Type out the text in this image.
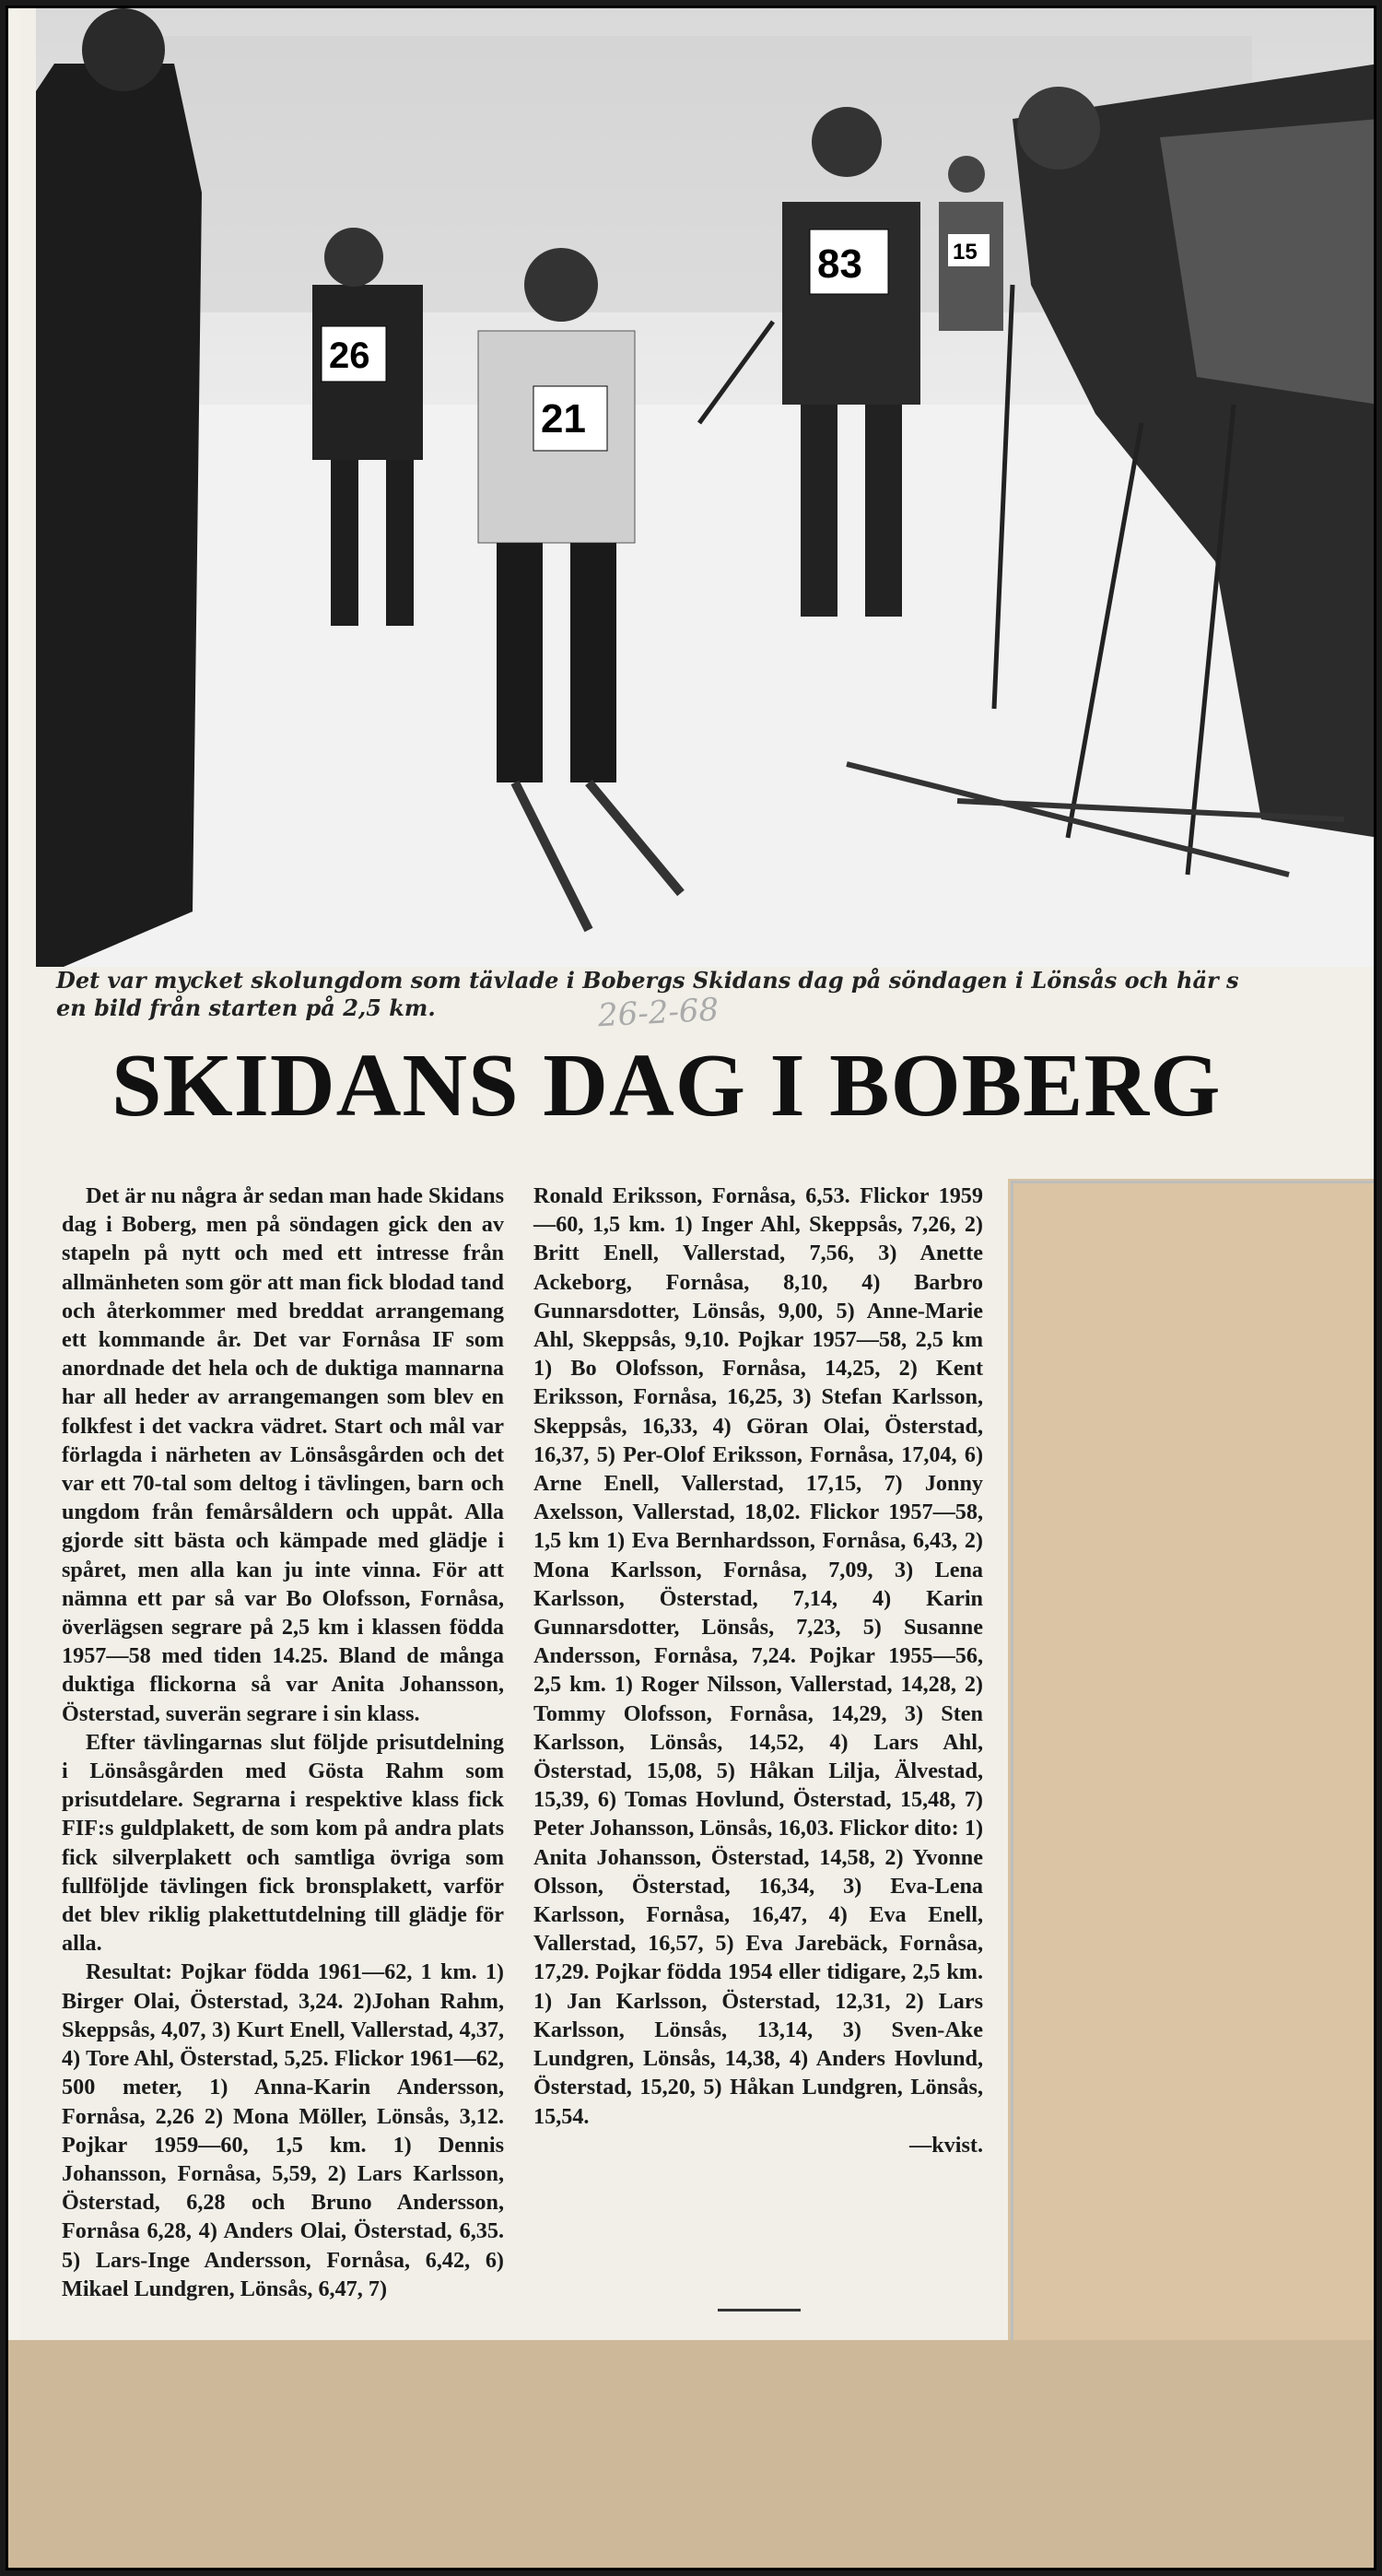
26
21
83	15
Det var mycket skolungdom som tävlade i Bobergs Skidans dag på söndagen i Lönsås och här s
en bild från starten på 2,5 km.	26-2-68
SKIDANS DAG I BOBERG

Det är nu några år sedan man hade Skidans dag i Boberg, men på söndagen gick den av stapeln på nytt och med ett intresse från allmänheten som gör att man fick blodad tand och återkommer med breddat arrangemang ett kommande år. Det var Fornåsa IF som anordnade det hela och de duktiga mannarna har all heder av arrangemangen som blev en folkfest i det vackra vädret. Start och mål var förlagda i närheten av Lönsåsgården och det var ett 70-tal som deltog i tävlingen, barn och ungdom från femårsåldern och uppåt. Alla gjorde sitt bästa och kämpade med glädje i spåret, men alla kan ju inte vinna. För att nämna ett par så var Bo Olofsson, Fornåsa, överlägsen segrare på 2,5 km i klassen födda 1957—58 med tiden 14.25. Bland de många duktiga flickorna så var Anita Johansson, Österstad, suverän segrare i sin klass.

Efter tävlingarnas slut följde prisutdelning i Lönsåsgården med Gösta Rahm som prisutdelare. Segrarna i respektive klass fick FIF:s guldplakett, de som kom på andra plats fick silverplakett och samtliga övriga som fullföljde tävlingen fick bronsplakett, varför det blev riklig plakettutdelning till glädje för alla.

Resultat: Pojkar födda 1961—62, 1 km. 1) Birger Olai, Österstad, 3,24. 2)Johan Rahm, Skeppsås, 4,07, 3) Kurt Enell, Vallerstad, 4,37, 4) Tore Ahl, Österstad, 5,25. Flickor 1961—62, 500 meter, 1) Anna-Karin Andersson, Fornåsa, 2,26 2) Mona Möller, Lönsås, 3,12. Pojkar 1959—60, 1,5 km. 1) Dennis Johansson, Fornåsa, 5,59, 2) Lars Karlsson, Österstad, 6,28 och Bruno Andersson, Fornåsa 6,28, 4) Anders Olai, Österstad, 6,35. 5) Lars-Inge Andersson, Fornåsa, 6,42, 6) Mikael Lundgren, Lönsås, 6,47, 7)

Ronald Eriksson, Fornåsa, 6,53. Flickor 1959—60, 1,5 km. 1) Inger Ahl, Skeppsås, 7,26, 2) Britt Enell, Vallerstad, 7,56, 3) Anette Ackeborg, Fornåsa, 8,10, 4) Barbro Gunnarsdotter, Lönsås, 9,00, 5) Anne-Marie Ahl, Skeppsås, 9,10. Pojkar 1957—58, 2,5 km 1) Bo Olofsson, Fornåsa, 14,25, 2) Kent Eriksson, Fornåsa, 16,25, 3) Stefan Karlsson, Skeppsås, 16,33, 4) Göran Olai, Österstad, 16,37, 5) Per-Olof Eriksson, Fornåsa, 17,04, 6) Arne Enell, Vallerstad, 17,15, 7) Jonny Axelsson, Vallerstad, 18,02. Flickor 1957—58, 1,5 km 1) Eva Bernhardsson, Fornåsa, 6,43, 2) Mona Karlsson, Fornåsa, 7,09, 3) Lena Karlsson, Österstad, 7,14, 4) Karin Gunnarsdotter, Lönsås, 7,23, 5) Susanne Andersson, Fornåsa, 7,24. Pojkar 1955—56, 2,5 km. 1) Roger Nilsson, Vallerstad, 14,28, 2) Tommy Olofsson, Fornåsa, 14,29, 3) Sten Karlsson, Lönsås, 14,52, 4) Lars Ahl, Österstad, 15,08, 5) Håkan Lilja, Älvestad, 15,39, 6) Tomas Hovlund, Österstad, 15,48, 7) Peter Johansson, Lönsås, 16,03. Flickor dito: 1) Anita Johansson, Österstad, 14,58, 2) Yvonne Olsson, Österstad, 16,34, 3) Eva-Lena Karlsson, Fornåsa, 16,47, 4) Eva Enell, Vallerstad, 16,57, 5) Eva Jarebäck, Fornåsa, 17,29. Pojkar födda 1954 eller tidigare, 2,5 km. 1) Jan Karlsson, Österstad, 12,31, 2) Lars Karlsson, Lönsås, 13,14, 3) Sven-Ake Lundgren, Lönsås, 14,38, 4) Anders Hovlund, Österstad, 15,20, 5) Håkan Lundgren, Lönsås, 15,54.

—kvist.
